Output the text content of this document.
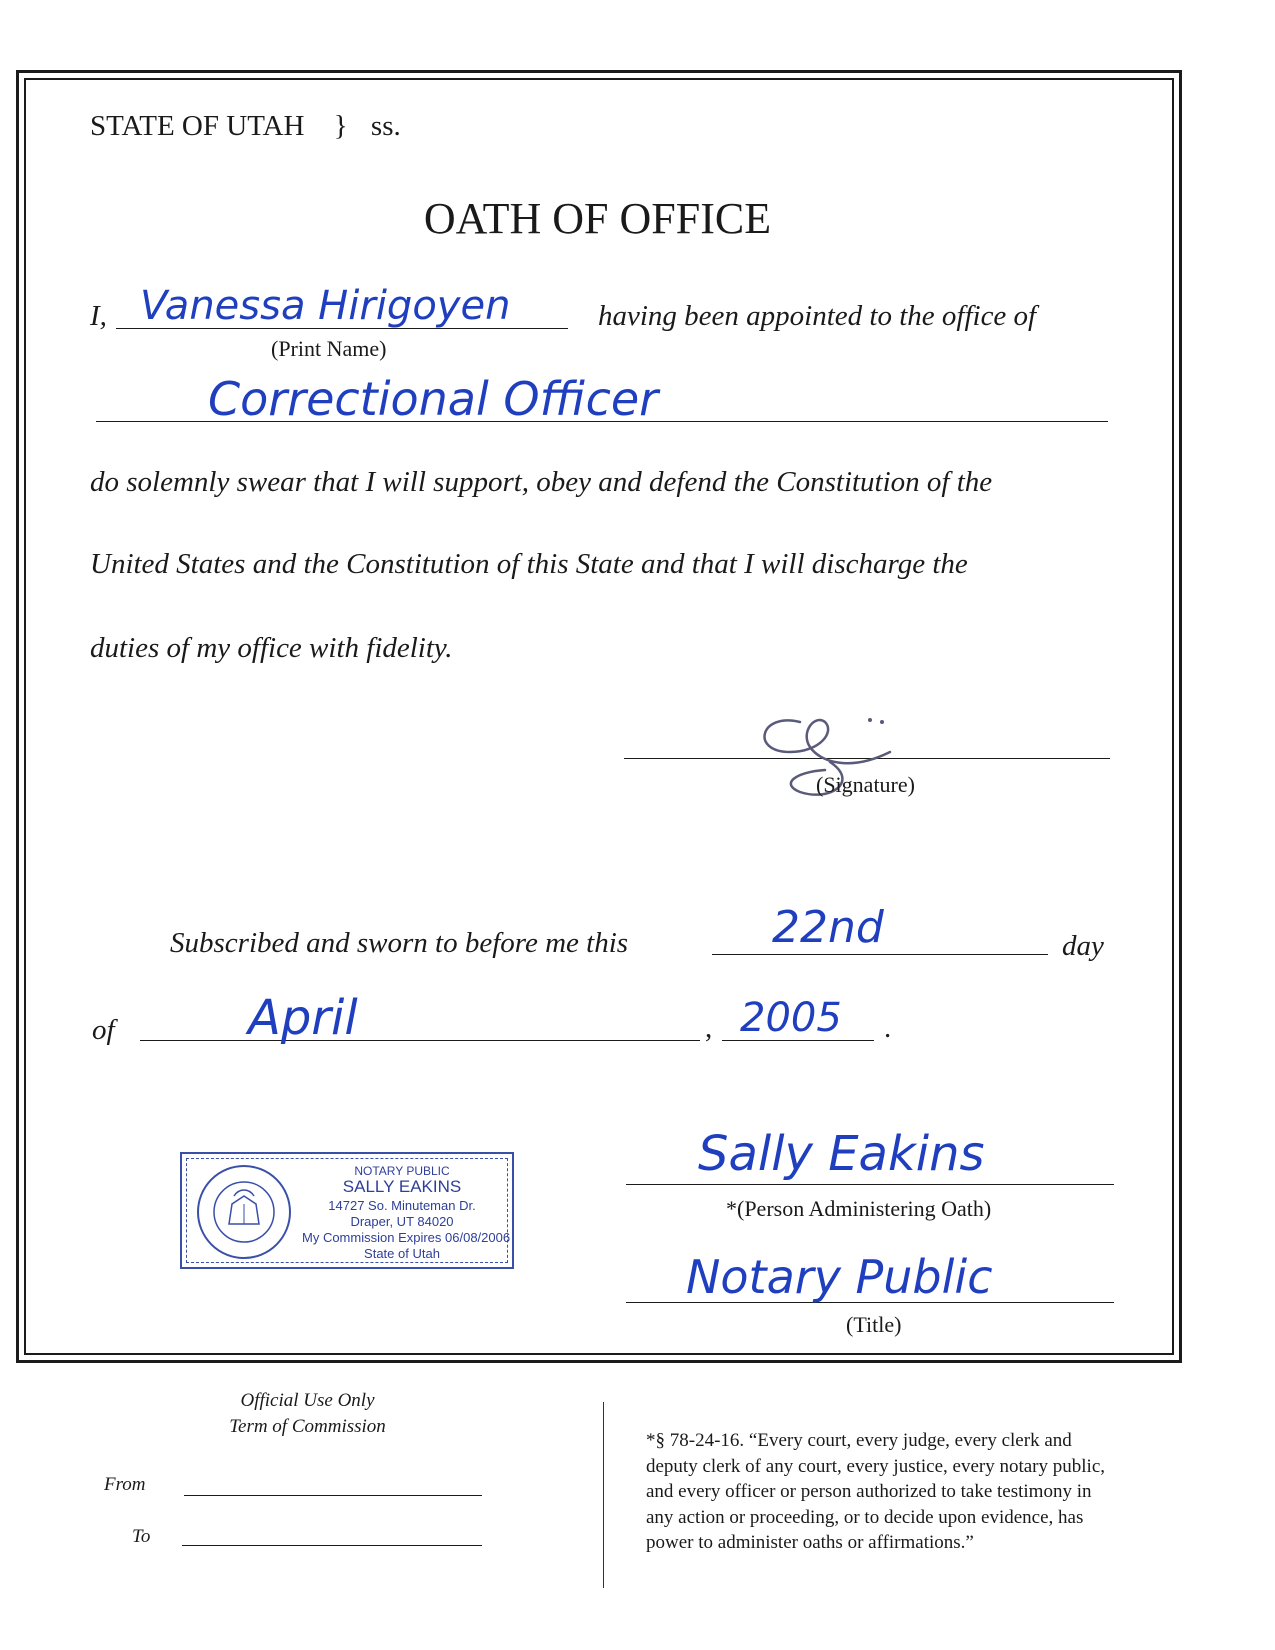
STATE OF UTAH } ss.
OATH OF OFFICE
I, Vanessa Hirigoyen
(Print Name)
having been appointed to the office of
Correctional Officer
do solemnly swear that I will support, obey and defend the Constitution of the
United States and the Constitution of this State and that I will discharge the
duties of my office with fidelity.
(Signature)
Subscribed and sworn to before me this	22nd	day
of	April	, 2005 .
NOTARY PUBLIC
SALLY EAKINS
14727 So. Minuteman Dr.
Draper, UT 84020
My Commission Expires 06/08/2006
State of Utah
Sally Eakins
*(Person Administering Oath)
Notary Public
(Title)
Official Use Only
Term of Commission
From
To
*§ 78-24-16. “Every court, every judge, every clerk and
deputy clerk of any court, every justice, every notary public,
and every officer or person authorized to take testimony in
any action or proceeding, or to decide upon evidence, has
power to administer oaths or affirmations.”
